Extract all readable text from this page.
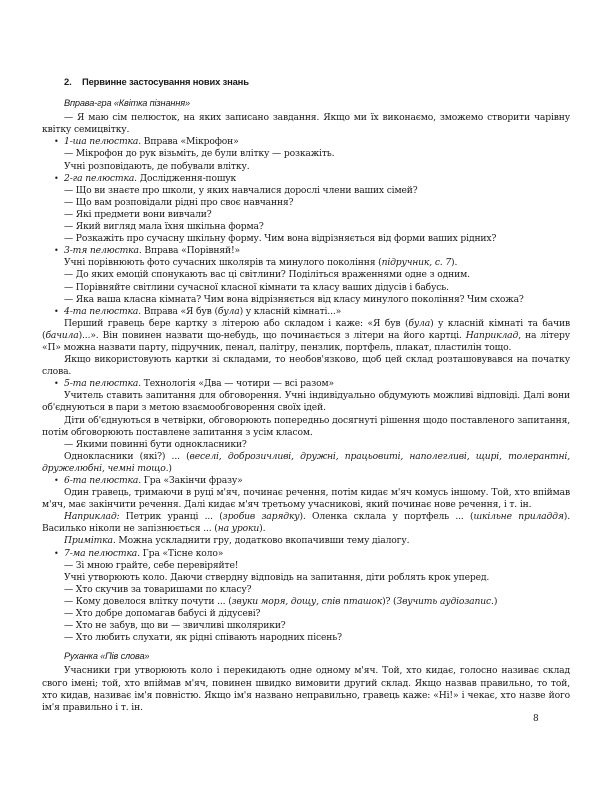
2. Первинне застосування нових знань
Вправа-гра «Квітка пізнання»

— Я маю сім пелюсток, на яких записано завдання. Якщо ми їх виконаємо, зможемо створити чарівну квітку семицвітку.

• 1-ша пелюстка. Вправа «Мікрофон»

— Мікрофон до рук візьміть, де були влітку — розкажіть.

Учні розповідають, де побували влітку.

• 2-га пелюстка. Дослідження-пошук

— Що ви знаєте про школи, у яких навчалися дорослі члени ваших сімей?

— Що вам розповідали рідні про своє навчання?

— Які предмети вони вивчали?

— Який вигляд мала їхня шкільна форма?

— Розкажіть про сучасну шкільну форму. Чим вона відрізняється від форми ваших рідних?

• 3-тя пелюстка. Вправа «Порівняй!»

Учні порівнюють фото сучасних школярів та минулого покоління (підручник, с. 7).

— До яких емоцій спонукають вас ці світлини? Поділіться враженнями одне з одним.

— Порівняйте світлини сучасної класної кімнати та класу ваших дідусів і бабусь.

— Яка ваша класна кімната? Чим вона відрізняється від класу минулого покоління? Чим схожа?

• 4-та пелюстка. Вправа «Я був (була) у класній кімнаті...»

Перший гравець бере картку з літерою або складом і каже: «Я був (була) у класній кімнаті та бачив (бачила)...». Він повинен назвати що-небудь, що починається з літери на його картці. Наприклад, на літеру «П» можна назвати парту, підручник, пенал, палітру, пензлик, портфель, плакат, пластилін тощо.

Якщо використовують картки зі складами, то необов'язково, щоб цей склад розташовувався на початку слова.

• 5-та пелюстка. Технологія «Два — чотири — всі разом»

Учитель ставить запитання для обговорення. Учні індивідуально обдумують можливі відповіді. Далі вони об'єднуються в пари з метою взаємообговорення своїх ідей.

Діти об'єднуються в четвірки, обговорюють попередньо досягнуті рішення щодо поставленого запитання, потім обговорюють поставлене запитання з усім класом.

— Якими повинні бути однокласники?

Однокласники (які?) ... (веселі, доброзичливі, дружні, працьовиті, наполегливі, щирі, толерантні, дружелюбні, чемні тощо.)

• 6-та пелюстка. Гра «Закінчи фразу»

Один гравець, тримаючи в руці м'яч, починає речення, потім кидає м'яч комусь іншому. Той, хто впіймав м'яч, має закінчити речення. Далі кидає м'яч третьому учасникові, який починає нове речення, і т. ін.

Наприклад: Петрик уранці ... (зробив зарядку). Оленка склала у портфель ... (шкільне приладдя). Василько ніколи не запізнюється ... (на уроки).

Примітка. Можна ускладнити гру, додатково вкопачивши тему діалогу.

• 7-ма пелюстка. Гра «Тісне коло»

— Зі мною грайте, себе перевіряйте!

Учні утворюють коло. Даючи ствердну відповідь на запитання, діти роблять крок уперед.

— Хто скучив за товаришами по класу?

— Кому довелося влітку почути ... (звуки моря, дощу, спів пташок)? (Звучить аудіозапис.)

— Хто добре допомагав бабусі й дідусеві?

— Хто не забув, що ви — звичливі школярики?

— Хто любить слухати, як рідні співають народних пісень?

Руханка «Пів слова»

Учасники гри утворюють коло і перекидають одне одному м'яч. Той, хто кидає, голосно називає склад свого імені; той, хто впіймав м'яч, повинен швидко вимовити другий склад. Якщо назвав правильно, то той, хто кидав, називає ім'я повністю. Якщо ім'я названо неправильно, гравець каже: «Ні!» і чекає, хто назве його ім'я правильно і т. ін.

8
